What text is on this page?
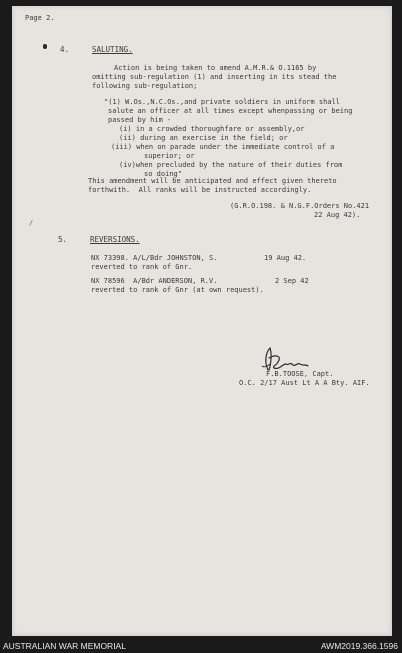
Page 2.
/
4.	SALUTING.
Action is being taken to amend A.M.R.& O.1165 by
omitting sub-regulation (1) and inserting in its stead the
following sub-regulation;
"(1) W.Os.,N.C.Os.,and private soldiers in uniform shall
salute an officer at all times except whenpassing or being
passed by him -
(i) in a crowded thoroughfare or assembly,or
(ii) during an exercise in the field; or
(iii) when on parade under the immediate control of a
superior; or
(iv)when precluded by the nature of their duties from
so doing"
This amendment will be anticipated and effect given thereto
forthwith.  All ranks will be instructed accordingly.
(G.R.O.198. & N.G.F.Orders No.421
22 Aug 42).
5.	REVERSIONS.
NX 73398. A/L/Bdr JOHNSTON, S.	19 Aug 42.
reverted to rank of Gnr.
NX 78596  A/Bdr ANDERSON, R.V.	2 Sep 42
reverted to rank of Gnr (at own request).
F.B.TOOSE, Capt.
O.C. 2/17 Aust Lt A A Bty. AIF.
AUSTRALIAN WAR MEMORIAL	AWM2019.366.1596
